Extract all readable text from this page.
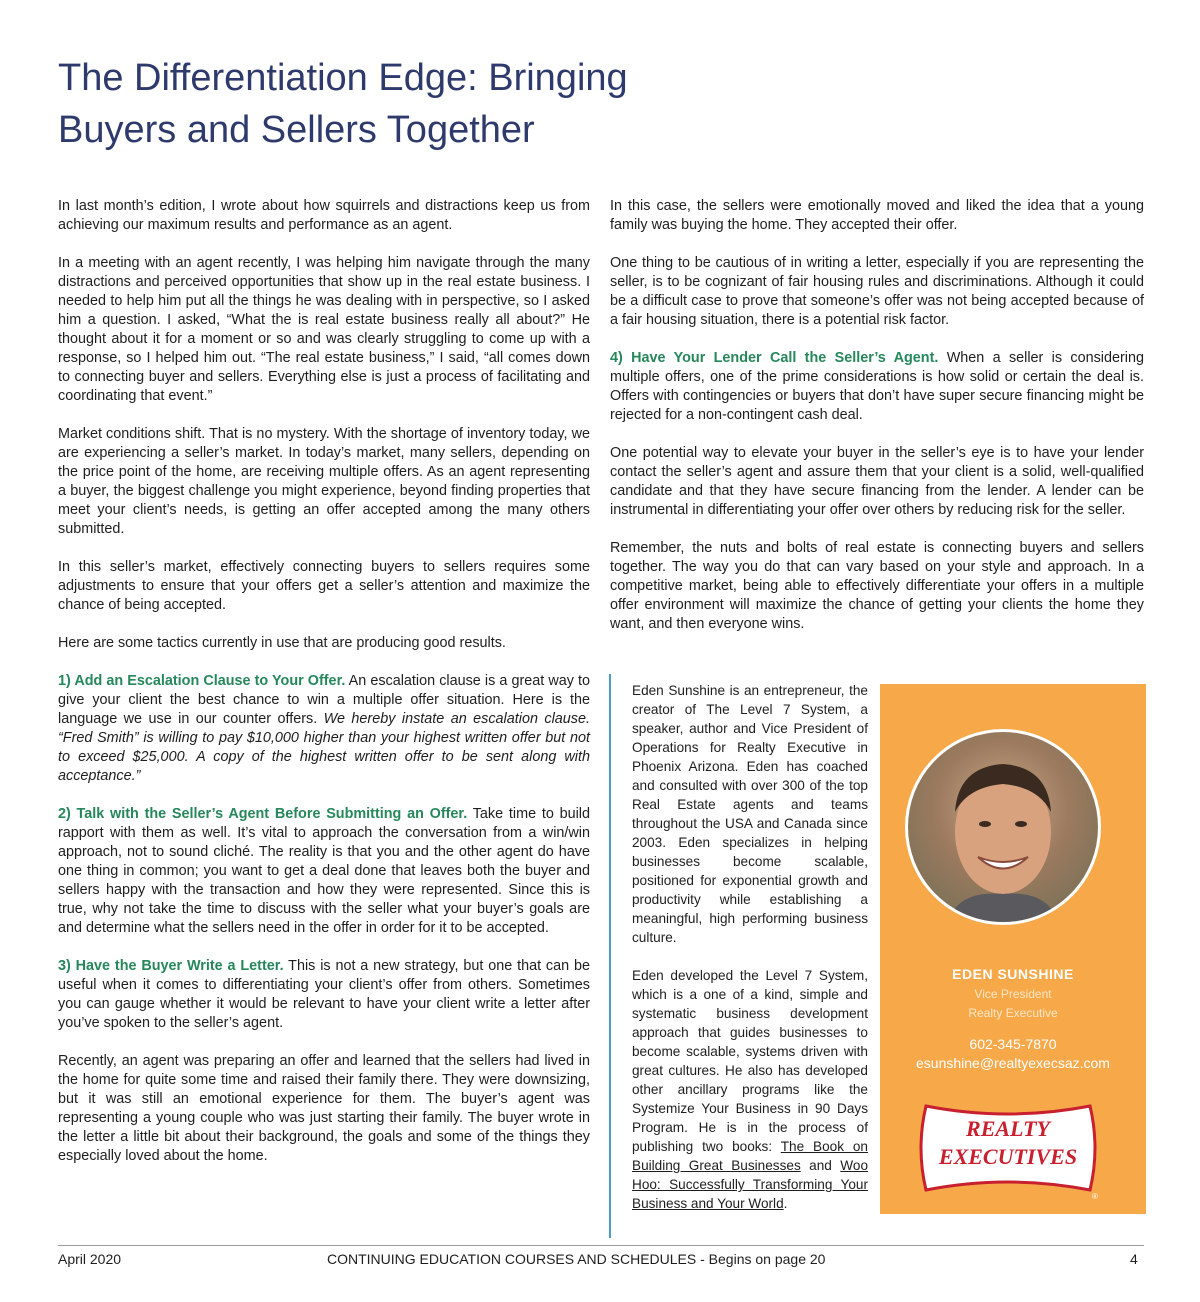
The Differentiation Edge: Bringing
Buyers and Sellers Together

In last month’s edition, I wrote about how squirrels and distractions keep us from achieving our maximum results and performance as an agent.

In a meeting with an agent recently, I was helping him navigate through the many distractions and perceived opportunities that show up in the real estate business. I needed to help him put all the things he was dealing with in perspective, so I asked him a question. I asked, “What the is real estate business really all about?” He thought about it for a moment or so and was clearly struggling to come up with a response, so I helped him out. “The real estate business,” I said, “all comes down to connecting buyer and sellers. Everything else is just a process of facilitating and coordinating that event.”

Market conditions shift. That is no mystery. With the shortage of inventory today, we are experiencing a seller’s market. In today’s market, many sellers, depending on the price point of the home, are receiving multiple offers. As an agent representing a buyer, the biggest challenge you might experience, beyond finding properties that meet your client’s needs, is getting an offer accepted among the many others submitted.

In this seller’s market, effectively connecting buyers to sellers requires some adjustments to ensure that your offers get a seller’s attention and maximize the chance of being accepted.

Here are some tactics currently in use that are producing good results.

1) Add an Escalation Clause to Your Offer. An escalation clause is a great way to give your client the best chance to win a multiple offer situation. Here is the language we use in our counter offers. We hereby instate an escalation clause. “Fred Smith” is willing to pay $10,000 higher than your highest written offer but not to exceed $25,000. A copy of the highest written offer to be sent along with acceptance.”

2) Talk with the Seller’s Agent Before Submitting an Offer. Take time to build rapport with them as well. It’s vital to approach the conversation from a win/win approach, not to sound cliché. The reality is that you and the other agent do have one thing in common; you want to get a deal done that leaves both the buyer and sellers happy with the transaction and how they were represented. Since this is true, why not take the time to discuss with the seller what your buyer’s goals are and determine what the sellers need in the offer in order for it to be accepted.

3) Have the Buyer Write a Letter. This is not a new strategy, but one that can be useful when it comes to differentiating your client’s offer from others. Sometimes you can gauge whether it would be relevant to have your client write a letter after you’ve spoken to the seller’s agent.

Recently, an agent was preparing an offer and learned that the sellers had lived in the home for quite some time and raised their family there. They were downsizing, but it was still an emotional experience for them. The buyer’s agent was representing a young couple who was just starting their family. The buyer wrote in the letter a little bit about their background, the goals and some of the things they especially loved about the home.

In this case, the sellers were emotionally moved and liked the idea that a young family was buying the home. They accepted their offer.

One thing to be cautious of in writing a letter, especially if you are representing the seller, is to be cognizant of fair housing rules and discriminations. Although it could be a difficult case to prove that someone’s offer was not being accepted because of a fair housing situation, there is a potential risk factor.

4) Have Your Lender Call the Seller’s Agent. When a seller is considering multiple offers, one of the prime considerations is how solid or certain the deal is. Offers with contingencies or buyers that don’t have super secure financing might be rejected for a non-contingent cash deal.

One potential way to elevate your buyer in the seller’s eye is to have your lender contact the seller’s agent and assure them that your client is a solid, well-qualified candidate and that they have secure financing from the lender. A lender can be instrumental in differentiating your offer over others by reducing risk for the seller.

Remember, the nuts and bolts of real estate is connecting buyers and sellers together. The way you do that can vary based on your style and approach. In a competitive market, being able to effectively differentiate your offers in a multiple offer environment will maximize the chance of getting your clients the home they want, and then everyone wins.

Eden Sunshine is an entrepreneur, the creator of The Level 7 System, a speaker, author and Vice President of Operations for Realty Executive in Phoenix Arizona. Eden has coached and consulted with over 300 of the top Real Estate agents and teams throughout the USA and Canada since 2003. Eden specializes in helping businesses become scalable, positioned for exponential growth and productivity while establishing a meaningful, high performing business culture.

Eden developed the Level 7 System, which is a one of a kind, simple and systematic business development approach that guides businesses to become scalable, systems driven with great cultures. He also has developed other ancillary programs like the Systemize Your Business in 90 Days Program. He is in the process of publishing two books: The Book on Building Great Businesses and Woo Hoo: Successfully Transforming Your Business and Your World.

EDEN SUNSHINE
Vice President
Realty Executive
602-345-7870
esunshine@realtyexecsaz.com
REALTY
EXECUTIVES
®
April 2020	CONTINUING EDUCATION COURSES AND SCHEDULES - Begins on page 20	4
